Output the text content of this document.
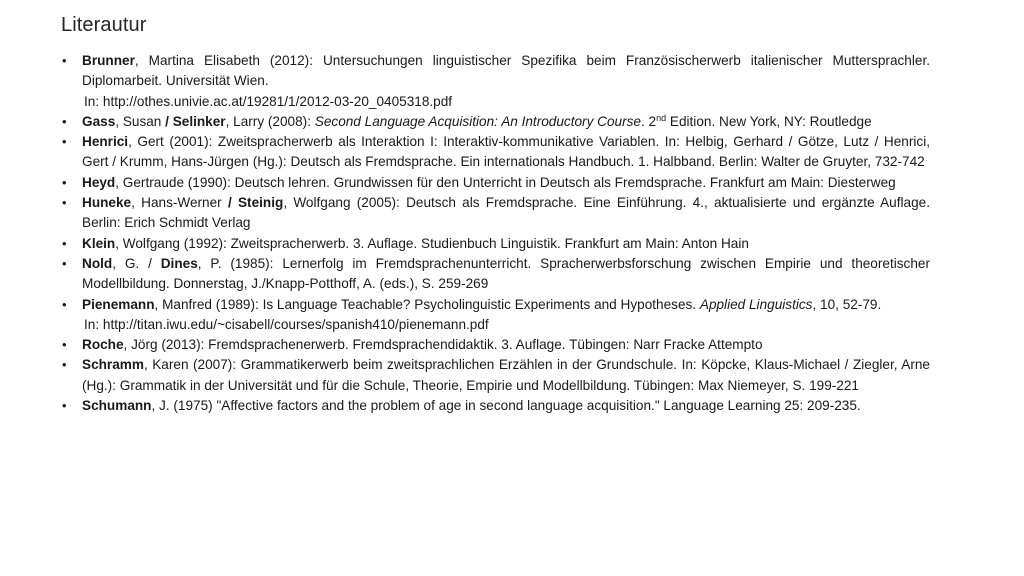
Literautur
• Brunner, Martina Elisabeth (2012): Untersuchungen linguistischer Spezifika beim Französischerwerb italienischer Muttersprachler. Diplomarbeit. Universität Wien.
In: http://othes.univie.ac.at/19281/1/2012-03-20_0405318.pdf
• Gass, Susan / Selinker, Larry (2008): Second Language Acquisition: An Introductory Course. 2nd Edition. New York, NY: Routledge
• Henrici, Gert (2001): Zweitspracherwerb als Interaktion I: Interaktiv-kommunikative Variablen. In: Helbig, Gerhard / Götze, Lutz / Henrici, Gert / Krumm, Hans-Jürgen (Hg.): Deutsch als Fremdsprache. Ein internationals Handbuch. 1. Halbband. Berlin: Walter de Gruyter, 732-742
• Heyd, Gertraude (1990): Deutsch lehren. Grundwissen für den Unterricht in Deutsch als Fremdsprache. Frankfurt am Main: Diesterweg
• Huneke, Hans-Werner / Steinig, Wolfgang (2005): Deutsch als Fremdsprache. Eine Einführung. 4., aktualisierte und ergänzte Auflage. Berlin: Erich Schmidt Verlag
• Klein, Wolfgang (1992): Zweitspracherwerb. 3. Auflage. Studienbuch Linguistik. Frankfurt am Main: Anton Hain
• Nold, G. / Dines, P. (1985): Lernerfolg im Fremdsprachenunterricht. Spracherwerbsforschung zwischen Empirie und theoretischer Modellbildung. Donnerstag, J./Knapp-Potthoff, A. (eds.), S. 259-269
• Pienemann, Manfred (1989): Is Language Teachable? Psycholinguistic Experiments and Hypotheses. Applied Linguistics, 10, 52-79.
In: http://titan.iwu.edu/~cisabell/courses/spanish410/pienemann.pdf
• Roche, Jörg (2013): Fremdsprachenerwerb. Fremdsprachendidaktik. 3. Auflage. Tübingen: Narr Fracke Attempto
• Schramm, Karen (2007): Grammatikerwerb beim zweitsprachlichen Erzählen in der Grundschule. In: Köpcke, Klaus-Michael / Ziegler, Arne (Hg.): Grammatik in der Universität und für die Schule, Theorie, Empirie und Modellbildung. Tübingen: Max Niemeyer, S. 199-221
• Schumann, J. (1975) "Affective factors and the problem of age in second language acquisition." Language Learning 25: 209-235.
